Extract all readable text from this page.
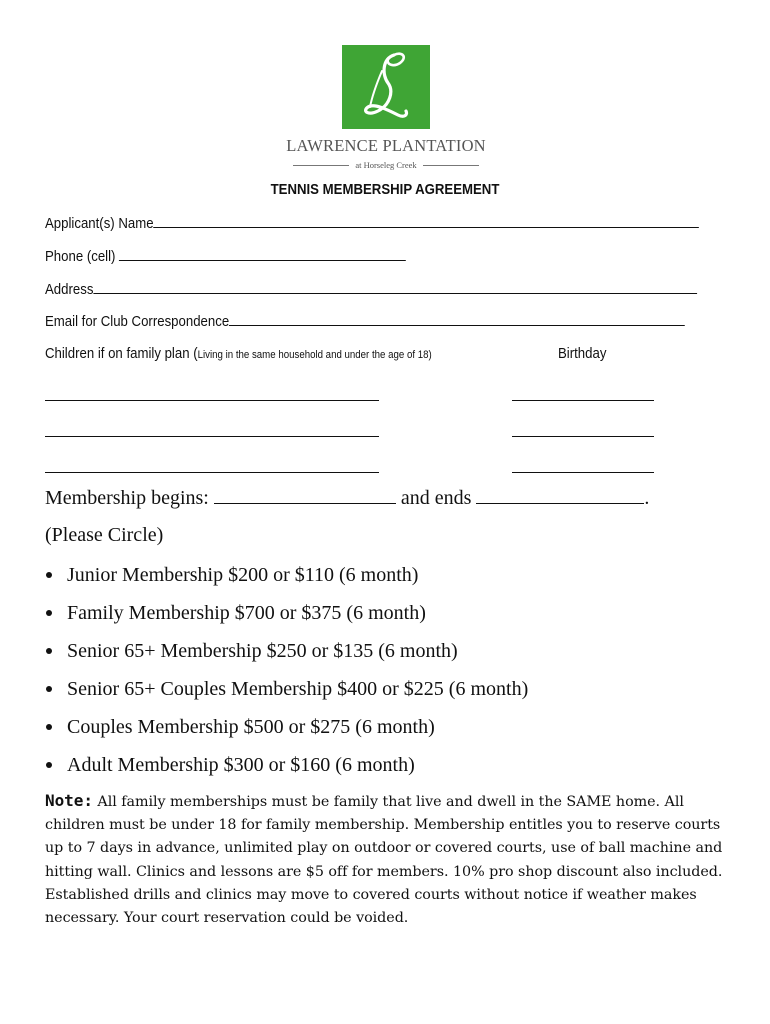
LAWRENCE PLANTATION
at Horseleg Creek
TENNIS MEMBERSHIP AGREEMENT
Applicant(s) Name
Phone (cell)
Address
Email for Club Correspondence
Children if on family plan (Living in the same household and under the age of 18)	Birthday
Membership begins:	and ends	.
(Please Circle)
Junior Membership $200 or $110 (6 month)
Family Membership $700 or $375 (6 month)
Senior 65+ Membership $250 or $135 (6 month)
Senior 65+ Couples Membership $400 or $225 (6 month)
Couples Membership $500 or $275 (6 month)
Adult Membership $300 or $160 (6 month)
Note: All family memberships must be family that live and dwell in the SAME home. All children must be under 18 for family membership. Membership entitles you to reserve courts up to 7 days in advance, unlimited play on outdoor or covered courts, use of ball machine and hitting wall. Clinics and lessons are $5 off for members. 10% pro shop discount also included. Established drills and clinics may move to covered courts without notice if weather makes necessary. Your court reservation could be voided.
